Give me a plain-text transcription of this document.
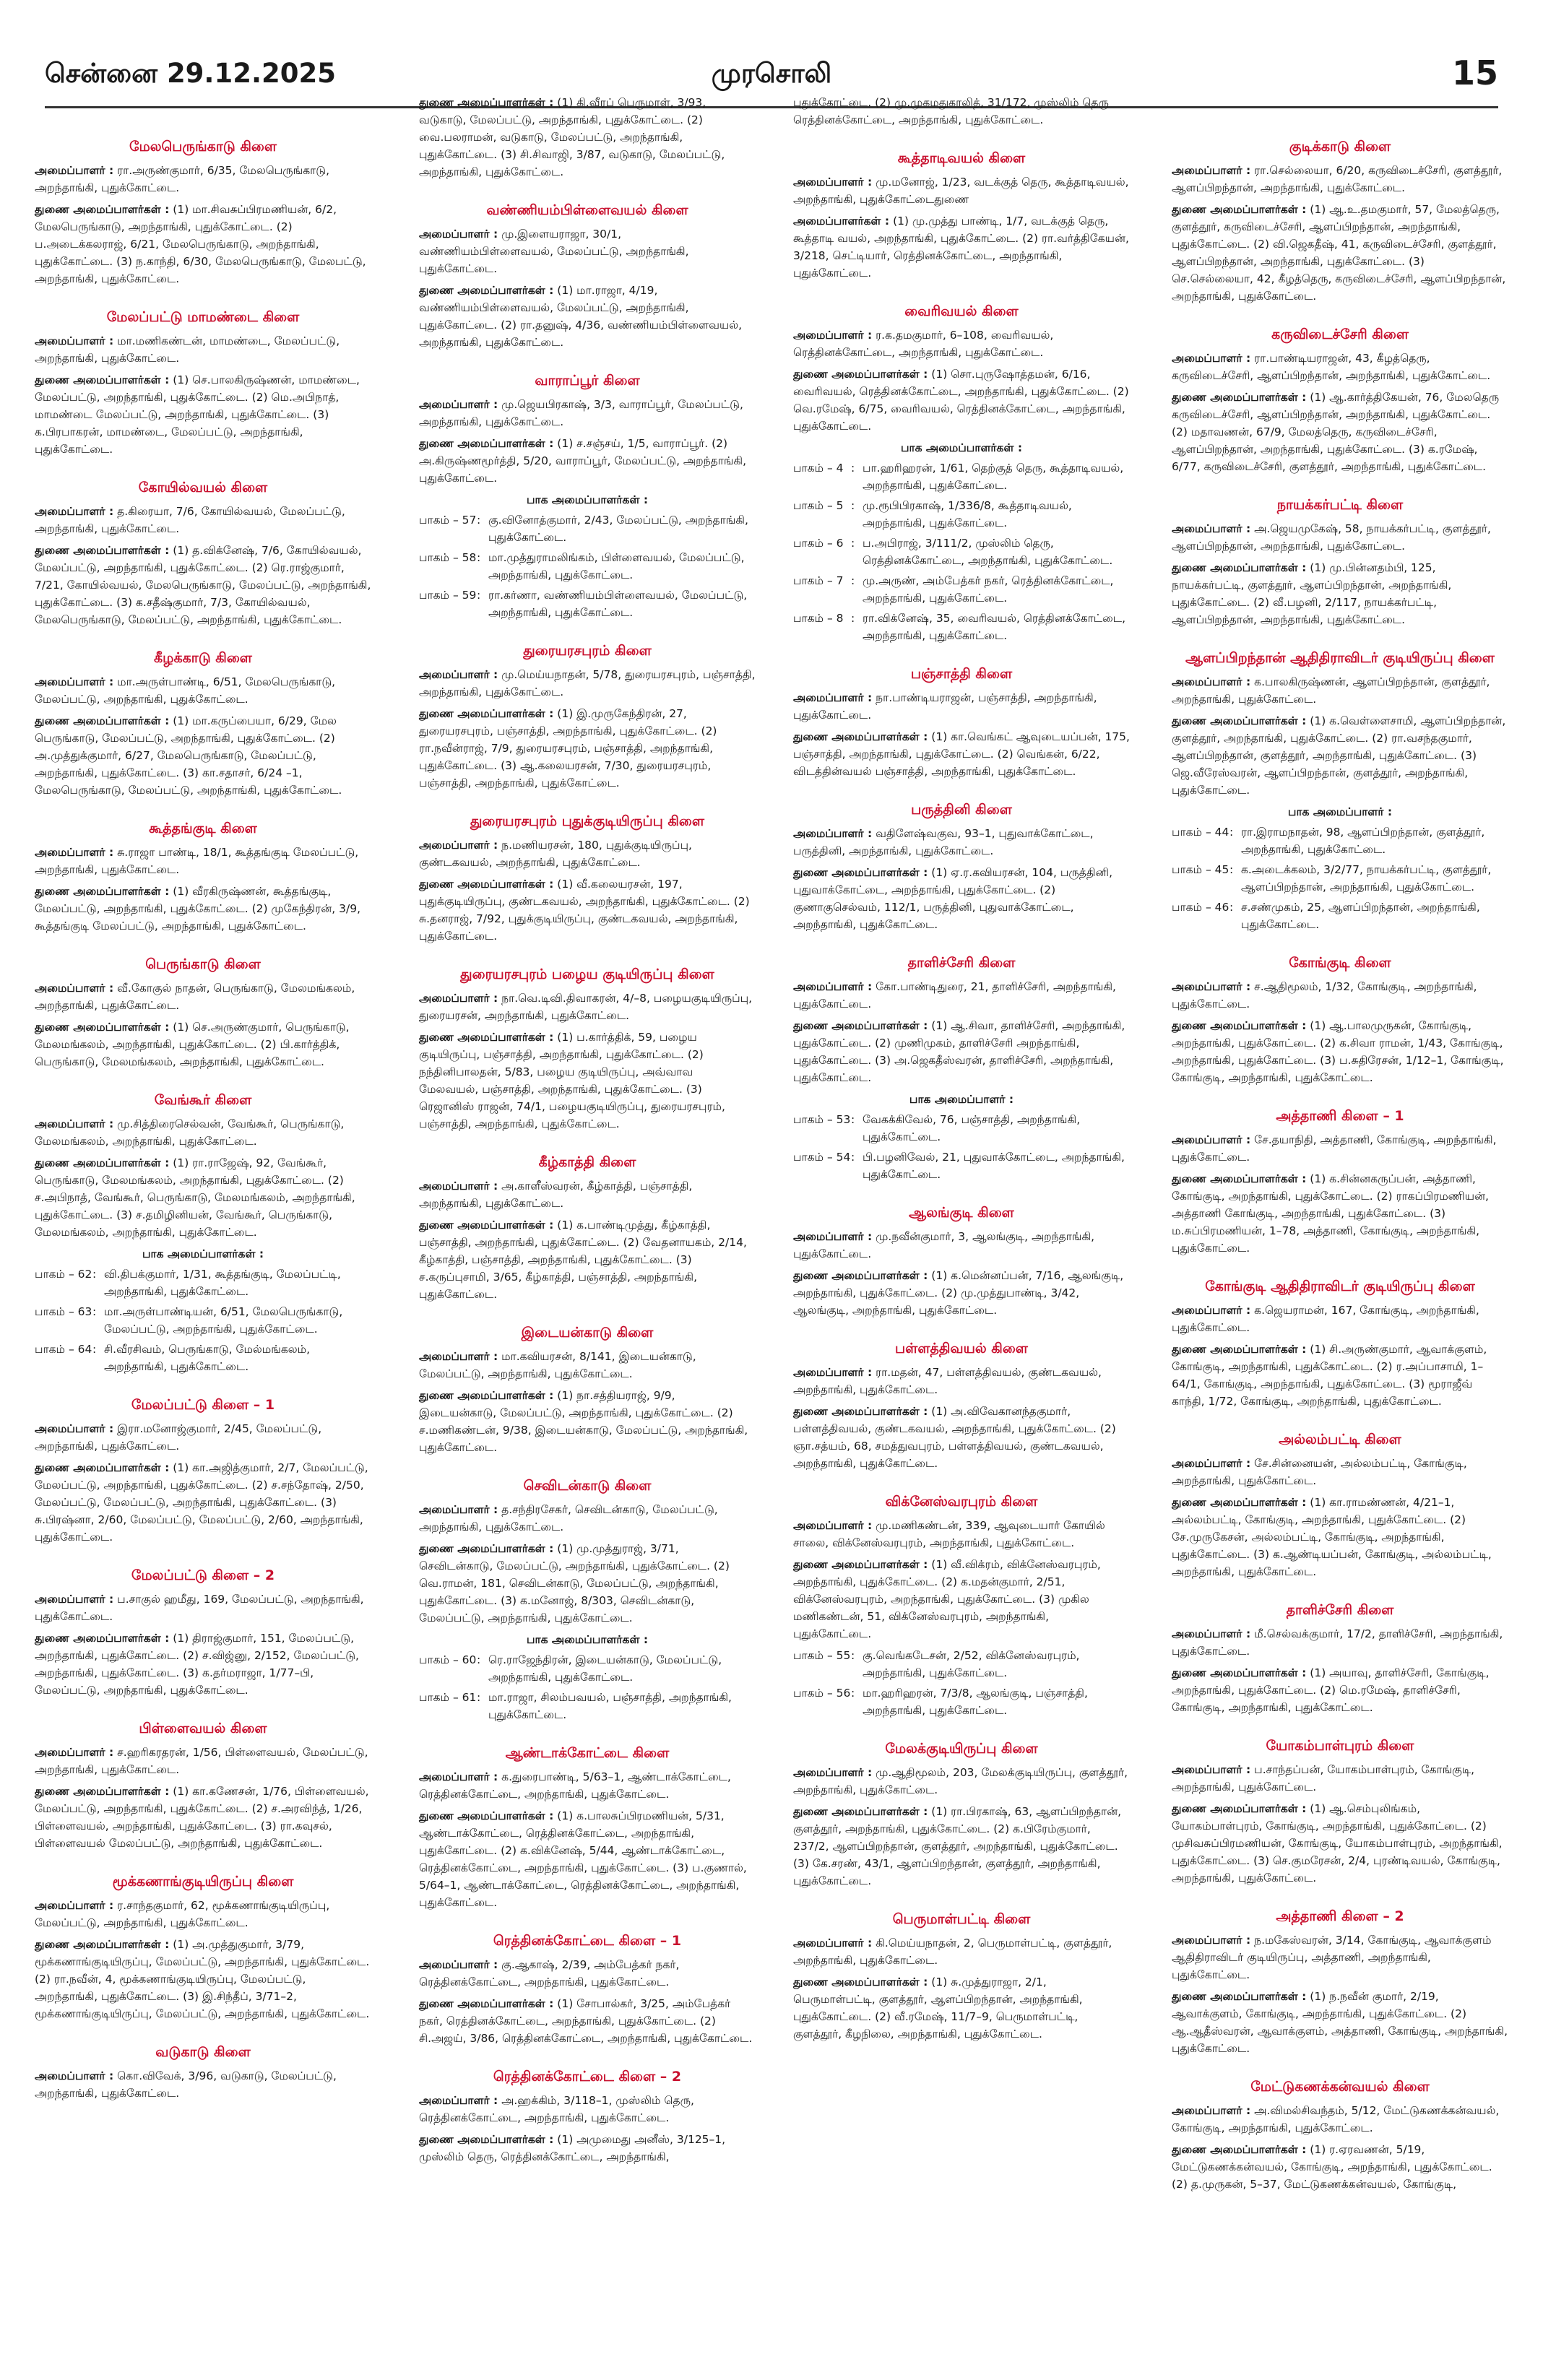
சென்னை 29.12.2025	முரசொலி	15
மேலபெருங்காடு கிளை
அமைப்பாளர் : ரா.அருண்குமார், 6/35, மேலபெருங்காடு, அறந்தாங்கி, புதுக்கோட்டை.
துணை அமைப்பாளர்கள் : (1) மா.சிவசுப்பிரமணியன், 6/2, மேலபெருங்காடு, அறந்தாங்கி, புதுக்கோட்டை. (2) ப.அடைக்கலராஜ், 6/21, மேலபெருங்காடு, அறந்தாங்கி, புதுக்கோட்டை. (3) ந.காந்தி, 6/30, மேலபெருங்காடு, மேலபட்டு, அறந்தாங்கி, புதுக்கோட்டை.
மேலப்பட்டு மாமண்டை கிளை
அமைப்பாளர் : மா.மணிகண்டன், மாமண்டை, மேலப்பட்டு, அறந்தாங்கி, புதுக்கோட்டை.
துணை அமைப்பாளர்கள் : (1) செ.பாலகிருஷ்ணன், மாமண்டை, மேலப்பட்டு, அறந்தாங்கி, புதுக்கோட்டை. (2) மெ.அபிநாத், மாமண்டை மேலப்பட்டு, அறந்தாங்கி, புதுக்கோட்டை. (3) க.பிரபாகரன், மாமண்டை, மேலப்பட்டு, அறந்தாங்கி, புதுக்கோட்டை.
கோயில்வயல் கிளை
அமைப்பாளர் : த.கிரையா, 7/6, கோயில்வயல், மேலப்பட்டு, அறந்தாங்கி, புதுக்கோட்டை.
துணை அமைப்பாளர்கள் : (1) த.விக்னேஷ், 7/6, கோயில்வயல், மேலப்பட்டு, அறந்தாங்கி, புதுக்கோட்டை. (2) ரெ.ராஜ்குமார், 7/21, கோயில்வயல், மேலபெருங்காடு, மேலப்பட்டு, அறந்தாங்கி, புதுக்கோட்டை. (3) க.சதீஷ்குமார், 7/3, கோயில்வயல், மேலபெருங்காடு, மேலப்பட்டு, அறந்தாங்கி, புதுக்கோட்டை.
கீழக்காடு கிளை
அமைப்பாளர் : மா.அருள்பாண்டி, 6/51, மேலபெருங்காடு, மேலப்பட்டு, அறந்தாங்கி, புதுக்கோட்டை.
துணை அமைப்பாளர்கள் : (1) மா.கருப்பையா, 6/29, மேல பெருங்காடு, மேலப்பட்டு, அறந்தாங்கி, புதுக்கோட்டை. (2) அ.முத்துக்குமார், 6/27, மேலபெருங்காடு, மேலப்பட்டு, அறந்தாங்கி, புதுக்கோட்டை. (3) கா.சதாசர், 6/24 –1, மேலபெருங்காடு, மேலப்பட்டு, அறந்தாங்கி, புதுக்கோட்டை.
கூத்தங்குடி கிளை
அமைப்பாளர் : சு.ராஜா பாண்டி, 18/1, கூத்தங்குடி மேலப்பட்டு, அறந்தாங்கி, புதுக்கோட்டை.
துணை அமைப்பாளர்கள் : (1) வீரகிருஷ்ணன், கூத்தங்குடி, மேலப்பட்டு, அறந்தாங்கி, புதுக்கோட்டை. (2) முகேந்திரன், 3/9, கூத்தங்குடி மேலப்பட்டு, அறந்தாங்கி, புதுக்கோட்டை.
பெருங்காடு கிளை
அமைப்பாளர் : வீ.கோகுல் நாதன், பெருங்காடு, மேலமங்கலம், அறந்தாங்கி, புதுக்கோட்டை.
துணை அமைப்பாளர்கள் : (1) செ.அருண்குமார், பெருங்காடு, மேலமங்கலம், அறந்தாங்கி, புதுக்கோட்டை. (2) பி.கார்த்திக், பெருங்காடு, மேலமங்கலம், அறந்தாங்கி, புதுக்கோட்டை.
வேங்கூர் கிளை
அமைப்பாளர் : மு.சித்திரைசெல்வன், வேங்கூர், பெருங்காடு, மேலமங்கலம், அறந்தாங்கி, புதுக்கோட்டை.
துணை அமைப்பாளர்கள் : (1) ரா.ராஜேஷ், 92, வேங்கூர், பெருங்காடு, மேலமங்கலம், அறந்தாங்கி, புதுக்கோட்டை. (2) ச.அபிநாத், வேங்கூர், பெருங்காடு, மேலமங்கலம், அறந்தாங்கி, புதுக்கோட்டை. (3) ச.தமிழினியன், வேங்கூர், பெருங்காடு, மேலமங்கலம், அறந்தாங்கி, புதுக்கோட்டை.
பாக அமைப்பாளர்கள் :
பாகம் – 62 : வி.திபக்குமார், 1/31, கூத்தங்குடி, மேலப்பட்டி, அறந்தாங்கி, புதுக்கோட்டை.
பாகம் – 63 : மா.அருள்பாண்டியன், 6/51, மேலபெருங்காடு, மேலப்பட்டு, அறந்தாங்கி, புதுக்கோட்டை.
பாகம் – 64 : சி.வீரசிவம், பெருங்காடு, மேல்மங்கலம், அறந்தாங்கி, புதுக்கோட்டை.
மேலப்பட்டு கிளை – 1
அமைப்பாளர் : இரா.மனோஜ்குமார், 2/45, மேலப்பட்டு, அறந்தாங்கி, புதுக்கோட்டை.
துணை அமைப்பாளர்கள் : (1) கா.அஜித்குமார், 2/7, மேலப்பட்டு, மேலப்பட்டு, அறந்தாங்கி, புதுக்கோட்டை. (2) ச.சந்தோஷ், 2/50, மேலப்பட்டு, மேலப்பட்டு, அறந்தாங்கி, புதுக்கோட்டை. (3) சு.பிரஷ்னா, 2/60, மேலப்பட்டு, மேலப்பட்டு, 2/60, அறந்தாங்கி, புதுக்கோட்டை.
மேலப்பட்டு கிளை – 2
அமைப்பாளர் : ப.சாகுல் ஹமீது, 169, மேலப்பட்டு, அறந்தாங்கி, புதுக்கோட்டை.
துணை அமைப்பாளர்கள் : (1) திராஜ்குமார், 151, மேலப்பட்டு, அறந்தாங்கி, புதுக்கோட்டை. (2) ச.விஜ்னு, 2/152, மேலப்பட்டு, அறந்தாங்கி, புதுக்கோட்டை. (3) க.தர்மராஜா, 1/77–பி, மேலப்பட்டு, அறந்தாங்கி, புதுக்கோட்டை.
பிள்ளைவயல் கிளை
அமைப்பாளர் : ச.ஹரிகரதரன், 1/56, பிள்ளைவயல், மேலப்பட்டு, அறந்தாங்கி, புதுக்கோட்டை.
துணை அமைப்பாளர்கள் : (1) கா.கணேசன், 1/76, பிள்ளைவயல், மேலப்பட்டு, அறந்தாங்கி, புதுக்கோட்டை. (2) ச.அரவிந்த், 1/26, பிள்ளைவயல், அறந்தாங்கி, புதுக்கோட்டை. (3) ரா.கவுசல், பிள்ளைவயல் மேலப்பட்டு, அறந்தாங்கி, புதுக்கோட்டை.
மூக்கணாங்குடியிருப்பு கிளை
அமைப்பாளர் : ர.சாந்தகுமார், 62, மூக்கணாங்குடியிருப்பு, மேலப்பட்டு, அறந்தாங்கி, புதுக்கோட்டை.
துணை அமைப்பாளர்கள் : (1) அ.முத்துகுமார், 3/79, மூக்கணாங்குடியிருப்பு, மேலப்பட்டு, அறந்தாங்கி, புதுக்கோட்டை. (2) ரா.நவீன், 4, மூக்கணாங்குடியிருப்பு, மேலப்பட்டு, அறந்தாங்கி, புதுக்கோட்டை. (3) இ.சிந்தீப், 3/71–2, மூக்கணாங்குடியிருப்பு, மேலப்பட்டு, அறந்தாங்கி, புதுக்கோட்டை.
வடுகாடு கிளை
அமைப்பாளர் : கொ.விவேக், 3/96, வடுகாடு, மேலப்பட்டு, அறந்தாங்கி, புதுக்கோட்டை.
துணை அமைப்பாளர்கள் : (1) கி.வீரப் பெருமாள், 3/93, வடுகாடு, மேலப்பட்டு, அறந்தாங்கி, புதுக்கோட்டை. (2) வை.பலராமன், வடுகாடு, மேலப்பட்டு, அறந்தாங்கி, புதுக்கோட்டை. (3) சி.சிவாஜி, 3/87, வடுகாடு, மேலப்பட்டு, அறந்தாங்கி, புதுக்கோட்டை.
வண்ணியம்பிள்ளைவயல் கிளை
அமைப்பாளர் : மு.இளையராஜா, 30/1, வண்ணியம்பிள்ளைவயல், மேலப்பட்டு, அறந்தாங்கி, புதுக்கோட்டை.
துணை அமைப்பாளர்கள் : (1) மா.ராஜா, 4/19, வண்ணியம்பிள்ளைவயல், மேலப்பட்டு, அறந்தாங்கி, புதுக்கோட்டை. (2) ரா.தனுஷ், 4/36, வண்ணியம்பிள்ளைவயல், அறந்தாங்கி, புதுக்கோட்டை.
வாராப்பூர் கிளை
அமைப்பாளர் : மு.ஜெயபிரகாஷ், 3/3, வாராப்பூர், மேலப்பட்டு, அறந்தாங்கி, புதுக்கோட்டை.
துணை அமைப்பாளர்கள் : (1) ச.சஞ்சய், 1/5, வாராப்பூர். (2) அ.கிருஷ்ணமூர்த்தி, 5/20, வாராப்பூர், மேலப்பட்டு, அறந்தாங்கி, புதுக்கோட்டை.
பாக அமைப்பாளர்கள் :
பாகம் – 57 : கு.வினோத்குமார், 2/43, மேலப்பட்டு, அறந்தாங்கி, புதுக்கோட்டை.
பாகம் – 58 : மா.முத்துராமலிங்கம், பிள்ளைவயல், மேலப்பட்டு, அறந்தாங்கி, புதுக்கோட்டை.
பாகம் – 59 : ரா.கர்ணா, வண்ணியம்பிள்ளைவயல், மேலப்பட்டு, அறந்தாங்கி, புதுக்கோட்டை.
துரையரசபுரம் கிளை
அமைப்பாளர் : மு.மெய்யநாதன், 5/78, துரையரசபுரம், பஞ்சாத்தி, அறந்தாங்கி, புதுக்கோட்டை.
துணை அமைப்பாளர்கள் : (1) இ.முருகேந்திரன், 27, துரையரசபுரம், பஞ்சாத்தி, அறந்தாங்கி, புதுக்கோட்டை. (2) ரா.நவீன்ராஜ், 7/9, துரையரசபுரம், பஞ்சாத்தி, அறந்தாங்கி, புதுக்கோட்டை. (3) ஆ.கலையரசன், 7/30, துரையரசபுரம், பஞ்சாத்தி, அறந்தாங்கி, புதுக்கோட்டை.
துரையரசபுரம் புதுக்குடியிருப்பு கிளை
அமைப்பாளர் : ந.மணியரசன், 180, புதுக்குடியிருப்பு, குண்டகவயல், அறந்தாங்கி, புதுக்கோட்டை.
துணை அமைப்பாளர்கள் : (1) வீ.கலையரசன், 197, புதுக்குடியிருப்பு, குண்டகவயல், அறந்தாங்கி, புதுக்கோட்டை. (2) சு.தனராஜ், 7/92, புதுக்குடியிருப்பு, குண்டகவயல், அறந்தாங்கி, புதுக்கோட்டை.
துரையரசபுரம் பழைய குடியிருப்பு கிளை
அமைப்பாளர் : நா.வெ.டிவி.திவாகரன், 4/–8, பழையகுடியிருப்பு, துரையரசன், அறந்தாங்கி, புதுக்கோட்டை.
துணை அமைப்பாளர்கள் : (1) ப.கார்த்திக், 59, பழைய குடியிருப்பு, பஞ்சாத்தி, அறந்தாங்கி, புதுக்கோட்டை. (2) நந்தினிபாலதன், 5/83, பழைய குடியிருப்பு, அவ்வாவ மேலவயல், பஞ்சாத்தி, அறந்தாங்கி, புதுக்கோட்டை. (3) ரெஜானிஸ் ராஜன், 74/1, பழையகுடியிருப்பு, துரையரசபுரம், பஞ்சாத்தி, அறந்தாங்கி, புதுக்கோட்டை.
கீழ்காத்தி கிளை
அமைப்பாளர் : அ.காளீஸ்வரன், கீழ்காத்தி, பஞ்சாத்தி, அறந்தாங்கி, புதுக்கோட்டை.
துணை அமைப்பாளர்கள் : (1) க.பாண்டிமுத்து, கீழ்காத்தி, பஞ்சாத்தி, அறந்தாங்கி, புதுக்கோட்டை. (2) வேதனாயகம், 2/14, கீழ்காத்தி, பஞ்சாத்தி, அறந்தாங்கி, புதுக்கோட்டை. (3) ச.கருப்புசாமி, 3/65, கீழ்காத்தி, பஞ்சாத்தி, அறந்தாங்கி, புதுக்கோட்டை.
இடையன்காடு கிளை
அமைப்பாளர் : மா.கவியரசன், 8/141, இடையன்காடு, மேலப்பட்டு, அறந்தாங்கி, புதுக்கோட்டை.
துணை அமைப்பாளர்கள் : (1) நா.சத்தியராஜ், 9/9, இடையன்காடு, மேலப்பட்டு, அறந்தாங்கி, புதுக்கோட்டை. (2) ச.மணிகண்டன், 9/38, இடையன்காடு, மேலப்பட்டு, அறந்தாங்கி, புதுக்கோட்டை.
செவிடன்காடு கிளை
அமைப்பாளர் : த.சந்திரசேகர், செவிடன்காடு, மேலப்பட்டு, அறந்தாங்கி, புதுக்கோட்டை.
துணை அமைப்பாளர்கள் : (1) மு.முத்துராஜ், 3/71, செவிடன்காடு, மேலப்பட்டு, அறந்தாங்கி, புதுக்கோட்டை. (2) வெ.ராமன், 181, செவிடன்காடு, மேலப்பட்டு, அறந்தாங்கி, புதுக்கோட்டை. (3) க.மனோஜ், 8/303, செவிடன்காடு, மேலப்பட்டு, அறந்தாங்கி, புதுக்கோட்டை.
பாக அமைப்பாளர்கள் :
பாகம் – 60 : ரெ.ராஜேந்திரன், இடையன்காடு, மேலப்பட்டு, அறந்தாங்கி, புதுக்கோட்டை.
பாகம் – 61 : மா.ராஜா, சிலம்பவயல், பஞ்சாத்தி, அறந்தாங்கி, புதுக்கோட்டை.
ஆண்டாக்கோட்டை கிளை
அமைப்பாளர் : க.துரைபாண்டி, 5/63–1, ஆண்டாக்கோட்டை, ரெத்தினக்கோட்டை, அறந்தாங்கி, புதுக்கோட்டை.
துணை அமைப்பாளர்கள் : (1) க.பாலசுப்பிரமணியன், 5/31, ஆண்டாக்கோட்டை, ரெத்தினக்கோட்டை, அறந்தாங்கி, புதுக்கோட்டை. (2) க.விக்னேஷ், 5/44, ஆண்டாக்கோட்டை, ரெத்தினக்கோட்டை, அறந்தாங்கி, புதுக்கோட்டை. (3) ப.குணால், 5/64–1, ஆண்டாக்கோட்டை, ரெத்தினக்கோட்டை, அறந்தாங்கி, புதுக்கோட்டை.
ரெத்தினக்கோட்டை கிளை – 1
அமைப்பாளர் : கு.ஆகாஷ், 2/39, அம்பேத்கர் நகர், ரெத்தினக்கோட்டை, அறந்தாங்கி, புதுக்கோட்டை.
துணை அமைப்பாளர்கள் : (1) சோபால்கர், 3/25, அம்பேத்கர் நகர், ரெத்தினக்கோட்டை, அறந்தாங்கி, புதுக்கோட்டை. (2) சி.அஜய், 3/86, ரெத்தினக்கோட்டை, அறந்தாங்கி, புதுக்கோட்டை.
ரெத்தினக்கோட்டை கிளை – 2
அமைப்பாளர் : அ.ஹக்கிம், 3/118–1, முஸ்லிம் தெரு, ரெத்தினக்கோட்டை, அறந்தாங்கி, புதுக்கோட்டை.
துணை அமைப்பாளர்கள் : (1) அமுமைது அனீஸ், 3/125–1, முஸ்லிம் தெரு, ரெத்தினக்கோட்டை, அறந்தாங்கி,
புதுக்கோட்டை. (2) மு.முகமதுகாலித், 31/172, முஸ்லிம் தெரு ரெத்தினக்கோட்டை, அறந்தாங்கி, புதுக்கோட்டை.
கூத்தாடிவயல் கிளை
அமைப்பாளர் : மு.மனோஜ், 1/23, வடக்குத் தெரு, கூத்தாடிவயல், அறந்தாங்கி, புதுக்கோட்டைதுணை
அமைப்பாளர்கள் : (1) மு.முத்து பாண்டி, 1/7, வடக்குத் தெரு, கூத்தாடி வயல், அறந்தாங்கி, புதுக்கோட்டை. (2) ரா.வர்த்திகேயன், 3/218, செட்டியார், ரெத்தினக்கோட்டை, அறந்தாங்கி, புதுக்கோட்டை.
வைரிவயல் கிளை
அமைப்பாளர் : ர.க.தமகுமார், 6–108, வைரிவயல், ரெத்தினக்கோட்டை, அறந்தாங்கி, புதுக்கோட்டை.
துணை அமைப்பாளர்கள் : (1) சொ.புருஷோத்தமன், 6/16, வைரிவயல், ரெத்தினக்கோட்டை, அறந்தாங்கி, புதுக்கோட்டை. (2) வெ.ரமேஷ், 6/75, வைரிவயல், ரெத்தினக்கோட்டை, அறந்தாங்கி, புதுக்கோட்டை.
பாக அமைப்பாளர்கள் :
பாகம் – 4 : பா.ஹரிஹரன், 1/61, தெற்குத் தெரு, கூத்தாடிவயல், அறந்தாங்கி, புதுக்கோட்டை.
பாகம் – 5 : மு.ரூபிபிரகாஷ், 1/336/8, கூத்தாடிவயல், அறந்தாங்கி, புதுக்கோட்டை.
பாகம் – 6 : ப.அபிராஜ், 3/111/2, முஸ்லிம் தெரு, ரெத்தினக்கோட்டை, அறந்தாங்கி, புதுக்கோட்டை.
பாகம் – 7 : மு.அருண், அம்பேத்கர் நகர், ரெத்தினக்கோட்டை, அறந்தாங்கி, புதுக்கோட்டை.
பாகம் – 8 : ரா.விக்னேஷ், 35, வைரிவயல், ரெத்தினக்கோட்டை, அறந்தாங்கி, புதுக்கோட்டை.
பஞ்சாத்தி கிளை
அமைப்பாளர் : நா.பாண்டியராஜன், பஞ்சாத்தி, அறந்தாங்கி, புதுக்கோட்டை.
துணை அமைப்பாளர்கள் : (1) கா.வெங்கட் ஆவுடையப்பன், 175, பஞ்சாத்தி, அறந்தாங்கி, புதுக்கோட்டை. (2) வெங்கன், 6/22, விடத்தின்வயல் பஞ்சாத்தி, அறந்தாங்கி, புதுக்கோட்டை.
பருத்தினி கிளை
அமைப்பாளர் : வதிளேஷ்வகுவ, 93–1, புதுவாக்கோட்டை, பருத்தினி, அறந்தாங்கி, புதுக்கோட்டை.
துணை அமைப்பாளர்கள் : (1) ஏ.ர.கவியரசன், 104, பருத்தினி, புதுவாக்கோட்டை, அறந்தாங்கி, புதுக்கோட்டை. (2) குணாகுசெல்வம், 112/1, பருத்தினி, புதுவாக்கோட்டை, அறந்தாங்கி, புதுக்கோட்டை.
தாளிச்சேரி கிளை
அமைப்பாளர் : கோ.பாண்டிதுரை, 21, தாளிச்சேரி, அறந்தாங்கி, புதுக்கோட்டை.
துணை அமைப்பாளர்கள் : (1) ஆ.சிவா, தாளிச்சேரி, அறந்தாங்கி, புதுக்கோட்டை. (2) முணிமுகம், தாளிச்சேரி அறந்தாங்கி, புதுக்கோட்டை. (3) அ.ஜெகதீஸ்வரன், தாளிச்சேரி, அறந்தாங்கி, புதுக்கோட்டை.
பாக அமைப்பாளர் :
பாகம் – 53 : வேகக்கிவேல், 76, பஞ்சாத்தி, அறந்தாங்கி, புதுக்கோட்டை.
பாகம் – 54 : பி.பழனிவேல், 21, புதுவாக்கோட்டை, அறந்தாங்கி, புதுக்கோட்டை.
ஆலங்குடி கிளை
அமைப்பாளர் : மு.நவீன்குமார், 3, ஆலங்குடி, அறந்தாங்கி, புதுக்கோட்டை.
துணை அமைப்பாளர்கள் : (1) க.மென்னப்பன், 7/16, ஆலங்குடி, அறந்தாங்கி, புதுக்கோட்டை. (2) மு.முத்துபாண்டி, 3/42, ஆலங்குடி, அறந்தாங்கி, புதுக்கோட்டை.
பள்ளத்திவயல் கிளை
அமைப்பாளர் : ரா.மதன், 47, பள்ளத்திவயல், குண்டகவயல், அறந்தாங்கி, புதுக்கோட்டை.
துணை அமைப்பாளர்கள் : (1) அ.விவேகானந்தகுமார், பள்ளத்திவயல், குண்டகவயல், அறந்தாங்கி, புதுக்கோட்டை. (2) ஞா.சத்யம், 68, சமத்துவபுரம், பள்ளத்திவயல், குண்டகவயல், அறந்தாங்கி, புதுக்கோட்டை.
விக்னேஸ்வரபுரம் கிளை
அமைப்பாளர் : மு.மணிகண்டன், 339, ஆவுடையார் கோயில் சாலை, விக்னேஸ்வரபுரம், அறந்தாங்கி, புதுக்கோட்டை.
துணை அமைப்பாளர்கள் : (1) வீ.விக்ரம், விக்னேஸ்வரபுரம், அறந்தாங்கி, புதுக்கோட்டை. (2) க.மதன்குமார், 2/51, விக்னேஸ்வரபுரம், அறந்தாங்கி, புதுக்கோட்டை. (3) முகில மணிகண்டன், 51, விக்னேஸ்வரபுரம், அறந்தாங்கி, புதுக்கோட்டை.
பாகம் – 55 : கு.வெங்கடேசன், 2/52, விக்னேஸ்வரபுரம், அறந்தாங்கி, புதுக்கோட்டை.
பாகம் – 56 : மா.ஹரிஹரன், 7/3/8, ஆலங்குடி, பஞ்சாத்தி, அறந்தாங்கி, புதுக்கோட்டை.
மேலக்குடியிருப்பு கிளை
அமைப்பாளர் : மு.ஆதிமூலம், 203, மேலக்குடியிருப்பு, குளத்தூர், அறந்தாங்கி, புதுக்கோட்டை.
துணை அமைப்பாளர்கள் : (1) ரா.பிரகாஷ், 63, ஆளப்பிறந்தான், குளத்தூர், அறந்தாங்கி, புதுக்கோட்டை. (2) க.பிரேம்குமார், 237/2, ஆளப்பிறந்தான், குளத்தூர், அறந்தாங்கி, புதுக்கோட்டை. (3) கே.சரண், 43/1, ஆளப்பிறந்தான், குளத்தூர், அறந்தாங்கி, புதுக்கோட்டை.
பெருமாள்பட்டி கிளை
அமைப்பாளர் : கி.மெய்யநாதன், 2, பெருமாள்பட்டி, குளத்தூர், அறந்தாங்கி, புதுக்கோட்டை.
துணை அமைப்பாளர்கள் : (1) சு.முத்துராஜா, 2/1, பெருமாள்பட்டி, குளத்தூர், ஆளப்பிறந்தான், அறந்தாங்கி, புதுக்கோட்டை. (2) வீ.ரமேஷ், 11/7–9, பெருமாள்பட்டி, குளத்தூர், கீழநிலை, அறந்தாங்கி, புதுக்கோட்டை.
குடிக்காடு கிளை
அமைப்பாளர் : ரா.செல்லையா, 6/20, கருவிடைச்சேரி, குளத்தூர், ஆளப்பிறந்தான், அறந்தாங்கி, புதுக்கோட்டை.
துணை அமைப்பாளர்கள் : (1) ஆ.உ.தமகுமார், 57, மேலத்தெரு, குளத்தூர், கருவிடைச்சேரி, ஆளப்பிறந்தான், அறந்தாங்கி, புதுக்கோட்டை. (2) வி.ஜெகதீஷ், 41, கருவிடைச்சேரி, குளத்தூர், ஆளப்பிறந்தான், அறந்தாங்கி, புதுக்கோட்டை. (3) செ.செல்லையா, 42, கீழத்தெரு, கருவிடைச்சேரி, ஆளப்பிறந்தான், அறந்தாங்கி, புதுக்கோட்டை.
கருவிடைச்சேரி கிளை
அமைப்பாளர் : ரா.பாண்டியராஜன், 43, கீழத்தெரு, கருவிடைச்சேரி, ஆளப்பிறந்தான், அறந்தாங்கி, புதுக்கோட்டை.
துணை அமைப்பாளர்கள் : (1) ஆ.கார்த்திகேயன், 76, மேலதெரு கருவிடைச்சேரி, ஆளப்பிறந்தான், அறந்தாங்கி, புதுக்கோட்டை. (2) மதாவணன், 67/9, மேலத்தெரு, கருவிடைச்சேரி, ஆளப்பிறந்தான், அறந்தாங்கி, புதுக்கோட்டை. (3) க.ரமேஷ், 6/77, கருவிடைச்சேரி, குளத்தூர், அறந்தாங்கி, புதுக்கோட்டை.
நாயக்கர்பட்டி கிளை
அமைப்பாளர் : அ.ஜெயமுகேஷ், 58, நாயக்கர்பட்டி, குளத்தூர், ஆளப்பிறந்தான், அறந்தாங்கி, புதுக்கோட்டை.
துணை அமைப்பாளர்கள் : (1) மு.பின்னதம்பி, 125, நாயக்கர்பட்டி, குளத்தூர், ஆளப்பிறந்தான், அறந்தாங்கி, புதுக்கோட்டை. (2) வீ.பழனி, 2/117, நாயக்கர்பட்டி, ஆளப்பிறந்தான், அறந்தாங்கி, புதுக்கோட்டை.
ஆளப்பிறந்தான் ஆதிதிராவிடர் குடியிருப்பு கிளை
அமைப்பாளர் : க.பாலகிருஷ்ணன், ஆளப்பிறந்தான், குளத்தூர், அறந்தாங்கி, புதுக்கோட்டை.
துணை அமைப்பாளர்கள் : (1) க.வெள்ளைசாமி, ஆளப்பிறந்தான், குளத்தூர், அறந்தாங்கி, புதுக்கோட்டை. (2) ரா.வசந்தகுமார், ஆளப்பிறந்தான், குளத்தூர், அறந்தாங்கி, புதுக்கோட்டை. (3) ஜெ.வீரேஸ்வரன், ஆளப்பிறந்தான், குளத்தூர், அறந்தாங்கி, புதுக்கோட்டை.
பாக அமைப்பாளர் :
பாகம் – 44 : ரா.இராமநாதன், 98, ஆளப்பிறந்தான், குளத்தூர், அறந்தாங்கி, புதுக்கோட்டை.
பாகம் – 45 : க.அடைக்கலம், 3/2/77, நாயக்கர்பட்டி, குளத்தூர், ஆளப்பிறந்தான், அறந்தாங்கி, புதுக்கோட்டை.
பாகம் – 46 : ச.சண்முகம், 25, ஆளப்பிறந்தான், அறந்தாங்கி, புதுக்கோட்டை.
கோங்குடி கிளை
அமைப்பாளர் : ச.ஆதிமூலம், 1/32, கோங்குடி, அறந்தாங்கி, புதுக்கோட்டை.
துணை அமைப்பாளர்கள் : (1) ஆ.பாலமுருகன், கோங்குடி, அறந்தாங்கி, புதுக்கோட்டை. (2) க.சிவா ராமன், 1/43, கோங்குடி, அறந்தாங்கி, புதுக்கோட்டை. (3) ப.சுதிரேசன், 1/12–1, கோங்குடி, கோங்குடி, அறந்தாங்கி, புதுக்கோட்டை.
அத்தாணி கிளை – 1
அமைப்பாளர் : சே.தயாநிதி, அத்தாணி, கோங்குடி, அறந்தாங்கி, புதுக்கோட்டை.
துணை அமைப்பாளர்கள் : (1) க.சின்னகருப்பன், அத்தாணி, கோங்குடி, அறந்தாங்கி, புதுக்கோட்டை. (2) ராகப்பிரமணியன், அத்தாணி கோங்குடி, அறந்தாங்கி, புதுக்கோட்டை. (3) ம.சுப்பிரமணியன், 1–78, அத்தாணி, கோங்குடி, அறந்தாங்கி, புதுக்கோட்டை.
கோங்குடி ஆதிதிராவிடர் குடியிருப்பு கிளை
அமைப்பாளர் : க.ஜெயராமன், 167, கோங்குடி, அறந்தாங்கி, புதுக்கோட்டை.
துணை அமைப்பாளர்கள் : (1) சி.அருண்குமார், ஆவாக்குளம், கோங்குடி, அறந்தாங்கி, புதுக்கோட்டை. (2) ர.அப்பாசாமி, 1–64/1, கோங்குடி, அறந்தாங்கி, புதுக்கோட்டை. (3) மூராஜீவ் காந்தி, 1/72, கோங்குடி, அறந்தாங்கி, புதுக்கோட்டை.
அல்லம்பட்டி கிளை
அமைப்பாளர் : சே.சின்னையன், அல்லம்பட்டி, கோங்குடி, அறந்தாங்கி, புதுக்கோட்டை.
துணை அமைப்பாளர்கள் : (1) கா.ராமண்ணன், 4/21–1, அல்லம்பட்டி, கோங்குடி, அறந்தாங்கி, புதுக்கோட்டை. (2) சே.முருகேசன், அல்லம்பட்டி, கோங்குடி, அறந்தாங்கி, புதுக்கோட்டை. (3) க.ஆண்டியப்பன், கோங்குடி, அல்லம்பட்டி, அறந்தாங்கி, புதுக்கோட்டை.
தாளிச்சேரி கிளை
அமைப்பாளர் : மீ.செல்வக்குமார், 17/2, தாளிச்சேரி, அறந்தாங்கி, புதுக்கோட்டை.
துணை அமைப்பாளர்கள் : (1) அயாவு, தாளிச்சேரி, கோங்குடி, அறந்தாங்கி, புதுக்கோட்டை. (2) மெ.ரமேஷ், தாளிச்சேரி, கோங்குடி, அறந்தாங்கி, புதுக்கோட்டை.
யோகம்பாள்புரம் கிளை
அமைப்பாளர் : ப.சாந்தப்பன், யோகம்பாள்புரம், கோங்குடி, அறந்தாங்கி, புதுக்கோட்டை.
துணை அமைப்பாளர்கள் : (1) ஆ.செம்புலிங்கம், யோகம்பாள்புரம், கோங்குடி, அறந்தாங்கி, புதுக்கோட்டை. (2) முசிவசுப்பிரமணியன், கோங்குடி, யோகம்பாள்புரம், அறந்தாங்கி, புதுக்கோட்டை. (3) செ.குமரேசன், 2/4, புரண்டிவயல், கோங்குடி, அறந்தாங்கி, புதுக்கோட்டை.
அத்தாணி கிளை – 2
அமைப்பாளர் : ந.மகேஸ்வரன், 3/14, கோங்குடி, ஆவாக்குளம் ஆதிதிராவிடர் குடியிருப்பு, அத்தாணி, அறந்தாங்கி, புதுக்கோட்டை.
துணை அமைப்பாளர்கள் : (1) ந.நவீன் குமார், 2/19, ஆவாக்குளம், கோங்குடி, அறந்தாங்கி, புதுக்கோட்டை. (2) ஆ.ஆதீஸ்வரன், ஆவாக்குளம், அத்தாணி, கோங்குடி, அறந்தாங்கி, புதுக்கோட்டை.
மேட்டுகணக்கன்வயல் கிளை
அமைப்பாளர் : அ.விமல்சிவந்தம், 5/12, மேட்டுகணக்கன்வயல், கோங்குடி, அறந்தாங்கி, புதுக்கோட்டை.
துணை அமைப்பாளர்கள் : (1) ர.ஏரவணன், 5/19, மேட்டுகணக்கன்வயல், கோங்குடி, அறந்தாங்கி, புதுக்கோட்டை. (2) த.முருகன், 5–37, மேட்டுகணக்கன்வயல், கோங்குடி,
